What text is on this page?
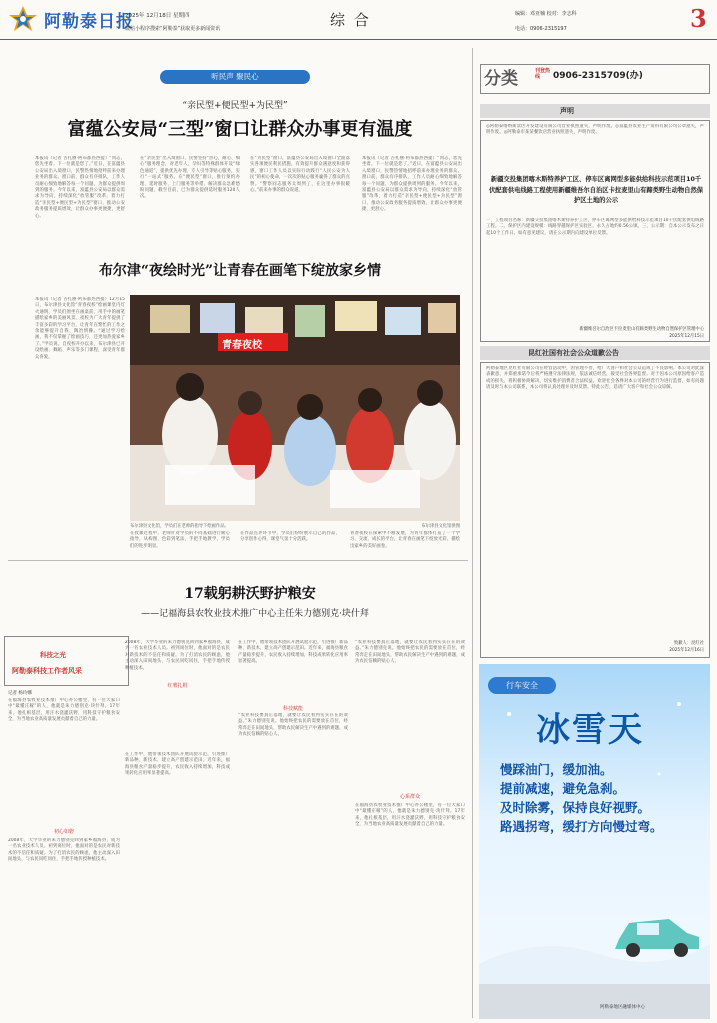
阿勒泰日报
2025年 12月18日 星期四
微信小程序搜索“阿勒泰”获取更多新闻资讯	综 合	编辑：邓亚楠 校对：李志科
电话：0906-2315197	3
听民声 聚民心
“亲民型+便民型+为民型”
富蕴公安局“三型”窗口让群众办事更有温度
本报讯（记者 古扎丽·阿布都热西提）“同志，您先坐着。下一位就是您了。”近日，在富蕴县公安局出入境窗口，民警热情地招呼前来办理业务的群众。窗口前，群众有序排队，工作人员耐心细致地解答每一个问题，为群众提供周到的服务。今年以来，富蕴县公安局以群众需求为导向，持续深化“放管服”改革，着力打造“亲民型+便民型+为民型”窗口，推动公安政务服务提质增效，让群众办事更便捷、更舒心。
在“亲民型”出入境窗口，民警坚持“热心、耐心、细心”服务理念，对老年人、孕妇等特殊群体开设“绿色通道”，提供优先办理、专人引导等贴心服务，实行“一站式”服务。在“便民型”窗口，推行预约办理、延时服务、上门服务等举措，解决群众急难愁盼问题，截至目前，已为群众提供延时服务120人次。
在“为民型”窗口，富蕴县公安局出入境窗口全面落实各项便民利民措施，有效提升群众满意度和获得感，窗口工作人员以实际行动践行“人民公安为人民”的初心使命，一次次的贴心服务赢得了群众的点赞。“警察同志服务太周到了，在这里办事很暖心。”前来办事的群众说道。
本报讯（记者 古扎丽·阿布都热西提）“同志，您先坐着。下一位就是您了。”近日，在富蕴县公安局出入境窗口，民警热情地招呼前来办理业务的群众。窗口前，群众有序排队，工作人员耐心细致地解答每一个问题，为群众提供周到的服务。今年以来，富蕴县公安局以群众需求为导向，持续深化“放管服”改革，着力打造“亲民型+便民型+为民型”窗口，推动公安政务服务提质增效，让群众办事更便捷、更舒心。
布尔津“夜绘时光”让青春在画笔下绽放家乡情
本报讯（记者 古扎丽·阿布都热西提）12月15日，布尔津县文化馆“青春夜校”绘画课堂内灯火通明，学员们围坐在画桌前，用手中的画笔描绘家乡的美丽风景。夜校为广大青年提供了丰富多彩的学习平台，让青年在繁忙的工作之余能够提升自我、陶冶情操。“通过学习绘画，我不仅掌握了绘画技巧，还更加热爱家乡了。”学员说。自夜校开办以来，布尔津县已开设绘画、舞蹈、声乐等多门课程，深受青年群众喜爱。
青春夜校
布尔津县文化馆，学员们在老师的指导下绘画作品。	布尔津县文化馆供图
在授课过程中，老师针对学员的不同基础进行耐心指导，从构图、色彩到笔法，手把手地教学，学员们的进步明显。
在作品点评环节中，学员们纷纷展示自己的作品，分享创作心得，课堂气氛十分活跃。
青春夜校在探索中不断发展，为青年群体打造了一个学习、交流、成长的平台，让青春在画笔下绽放光彩，描绘出家乡的美好画卷。
17载躬耕沃野护粮安
——记福海县农牧业技术推广中心主任朱力德别克·块什拜
科技之光
阿勒泰科技工作者风采
记者 杨玲娜
在福海县农牧业技术推广中心办公楼里，有一位大家口中“最懂庄稼”的人，他就是朱力德别克·块什拜。17年来，他扎根基层，用汗水浇灌沃野，用科技守护粮食安全，为当地农业高质量发展贡献着自己的力量。
初心如磐
2008年，大学毕业的朱力德别克回到家乡福海县，成为一名农业技术人员。初到岗位时，他面对的是农民对新技术的不信任和质疑。为了打消农民的顾虑，他主动深入田间地头，与农民同吃同住，手把手地传授种植技术。
2008年，大学毕业的朱力德别克回到家乡福海县，成为一名农业技术人员。初到岗位时，他面对的是农民对新技术的不信任和质疑。为了打消农民的顾虑，他主动深入田间地头，与农民同吃同住，手把手地传授种植技术。
红薯扎根
在工作中，他带领技术团队开展试验示范，引进推广新品种、新技术，建立高产创建示范田。近年来，福海县粮食产量稳步提升，农民收入持续增加，科技成果转化应用率显著提高。
在工作中，他带领技术团队开展试验示范，引进推广新品种、新技术，建立高产创建示范田。近年来，福海县粮食产量稳步提升，农民收入持续增加，科技成果转化应用率显著提高。
科技赋能
“农业科技要真正落地，就要让农民看到实实在在的效益。”朱力德别克说。他始终把农民的需要放在首位，经常奔走在田间地头，帮助农民解决生产中遇到的难题，成为农民信赖的贴心人。
“农业科技要真正落地，就要让农民看到实实在在的效益。”朱力德别克说。他始终把农民的需要放在首位，经常奔走在田间地头，帮助农民解决生产中遇到的难题，成为农民信赖的贴心人。
心系群众
在福海县农牧业技术推广中心办公楼里，有一位大家口中“最懂庄稼”的人，他就是朱力德别克·块什拜。17年来，他扎根基层，用汗水浇灌沃野，用科技守护粮食安全，为当地农业高质量发展贡献着自己的力量。
分类	刊登热线	0906-2315709(办)
声明
◎阿勒泰喀纳斯景区开发建设有限公司营业执照遗失，声明作废。◎富蕴县农业生产资料有限公司公章遗失，声明作废。◎阿勒泰市某某餐饮店营业执照遗失，声明作废。
新疆交投集团喀木斯特养护工区、停车区离网型多能供给科技示范项目10千伏配套供电线路工程使用新疆维吾尔自治区卡拉麦里山有蹄类野生动物自然保护区土地的公示
一、工程项目名称：新疆交投集团喀木斯特养护工区、停车区离网型多能供给科技示范项目10千伏配套供电线路工程。二、保护区内建设规模：线路穿越保护区实验区，永久占地约0.56公顷。三、公示期：自本公示发布之日起10个工作日。如有意见建议，请在公示期内向建设单位反馈。
新疆维吾尔自治区卡拉麦里山有蹄类野生动物自然保护区管理中心
2025年12月15日
昆红社国有社会公众道歉公告
阿勒泰地区昆红社有限公司在经营活动中，因管理不善，给广大客户和社会公众造成了不良影响。本公司对此深表歉意，并郑重承诺今后将严格遵守法律法规，依法诚信经营，接受社会各界监督。对于因本公司原因给客户造成的损失，将积极协商解决，切实维护消费者合法权益。欢迎社会各界对本公司的经营行为进行监督，如有问题请及时与本公司联系，本公司将认真处理并及时反馈。特此公告，恳请广大客户和社会公众谅解。
致歉人：昆红社
2025年12月16日
行车安全
冰雪天
慢踩油门，缓加油。
提前减速，避免急刹。
及时除雾，保持良好视野。
路遇拐弯，缓打方向慢过弯。
阿勒泰地区融媒体中心
